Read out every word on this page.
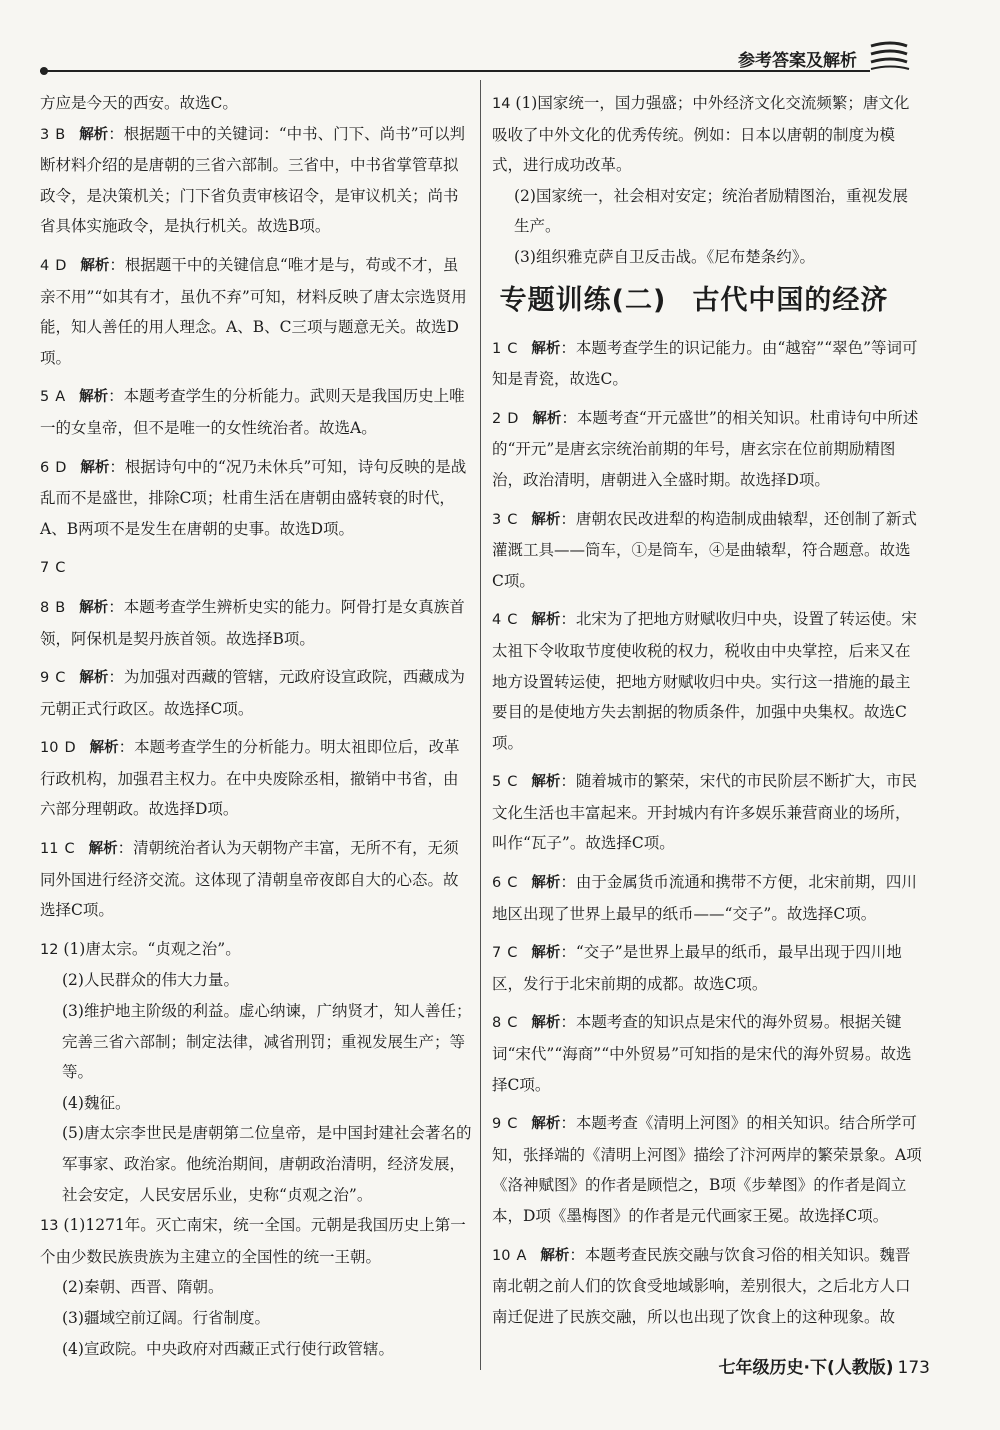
参考答案及解析

方应是今天的西安。故选C。

3 B 解析：根据题干中的关键词：“中书、门下、尚书”可以判断材料介绍的是唐朝的三省六部制。三省中，中书省掌管草拟政令，是决策机关；门下省负责审核诏令，是审议机关；尚书省具体实施政令，是执行机关。故选B项。

4 D 解析：根据题干中的关键信息“唯才是与，苟或不才，虽亲不用”“如其有才，虽仇不弃”可知，材料反映了唐太宗选贤用能，知人善任的用人理念。A、B、C三项与题意无关。故选D项。

5 A 解析：本题考查学生的分析能力。武则天是我国历史上唯一的女皇帝，但不是唯一的女性统治者。故选A。

6 D 解析：根据诗句中的“况乃未休兵”可知，诗句反映的是战乱而不是盛世，排除C项；杜甫生活在唐朝由盛转衰的时代，A、B两项不是发生在唐朝的史事。故选D项。

7 C

8 B 解析：本题考查学生辨析史实的能力。阿骨打是女真族首领，阿保机是契丹族首领。故选择B项。

9 C 解析：为加强对西藏的管辖，元政府设宣政院，西藏成为元朝正式行政区。故选择C项。

10 D 解析：本题考查学生的分析能力。明太祖即位后，改革行政机构，加强君主权力。在中央废除丞相，撤销中书省，由六部分理朝政。故选择D项。

11 C 解析：清朝统治者认为天朝物产丰富，无所不有，无须同外国进行经济交流。这体现了清朝皇帝夜郎自大的心态。故选择C项。

12 (1)唐太宗。“贞观之治”。

(2)人民群众的伟大力量。

(3)维护地主阶级的利益。虚心纳谏，广纳贤才，知人善任；完善三省六部制；制定法律，减省刑罚；重视发展生产；等等。

(4)魏征。

(5)唐太宗李世民是唐朝第二位皇帝，是中国封建社会著名的军事家、政治家。他统治期间，唐朝政治清明，经济发展，社会安定，人民安居乐业，史称“贞观之治”。

13 (1)1271年。灭亡南宋，统一全国。元朝是我国历史上第一个由少数民族贵族为主建立的全国性的统一王朝。

(2)秦朝、西晋、隋朝。

(3)疆域空前辽阔。行省制度。

(4)宣政院。中央政府对西藏正式行使行政管辖。

14 (1)国家统一，国力强盛；中外经济文化交流频繁；唐文化吸收了中外文化的优秀传统。例如：日本以唐朝的制度为模式，进行成功改革。

(2)国家统一，社会相对安定；统治者励精图治，重视发展生产。

(3)组织雅克萨自卫反击战。《尼布楚条约》。

专题训练(二) 古代中国的经济

1 C 解析：本题考查学生的识记能力。由“越窑”“翠色”等词可知是青瓷，故选C。

2 D 解析：本题考查“开元盛世”的相关知识。杜甫诗句中所述的“开元”是唐玄宗统治前期的年号，唐玄宗在位前期励精图治，政治清明，唐朝进入全盛时期。故选择D项。

3 C 解析：唐朝农民改进犁的构造制成曲辕犁，还创制了新式灌溉工具——筒车，①是筒车，④是曲辕犁，符合题意。故选C项。

4 C 解析：北宋为了把地方财赋收归中央，设置了转运使。宋太祖下令收取节度使收税的权力，税收由中央掌控，后来又在地方设置转运使，把地方财赋收归中央。实行这一措施的最主要目的是使地方失去割据的物质条件，加强中央集权。故选C项。

5 C 解析：随着城市的繁荣，宋代的市民阶层不断扩大，市民文化生活也丰富起来。开封城内有许多娱乐兼营商业的场所，叫作“瓦子”。故选择C项。

6 C 解析：由于金属货币流通和携带不方便，北宋前期，四川地区出现了世界上最早的纸币——“交子”。故选择C项。

7 C 解析：“交子”是世界上最早的纸币，最早出现于四川地区，发行于北宋前期的成都。故选C项。

8 C 解析：本题考查的知识点是宋代的海外贸易。根据关键词“宋代”“海商”“中外贸易”可知指的是宋代的海外贸易。故选择C项。

9 C 解析：本题考查《清明上河图》的相关知识。结合所学可知，张择端的《清明上河图》描绘了汴河两岸的繁荣景象。A项《洛神赋图》的作者是顾恺之，B项《步辇图》的作者是阎立本，D项《墨梅图》的作者是元代画家王冕。故选择C项。

10 A 解析：本题考查民族交融与饮食习俗的相关知识。魏晋南北朝之前人们的饮食受地域影响，差别很大，之后北方人口南迁促进了民族交融，所以也出现了饮食上的这种现象。故

七年级历史·下(人教版) 173
